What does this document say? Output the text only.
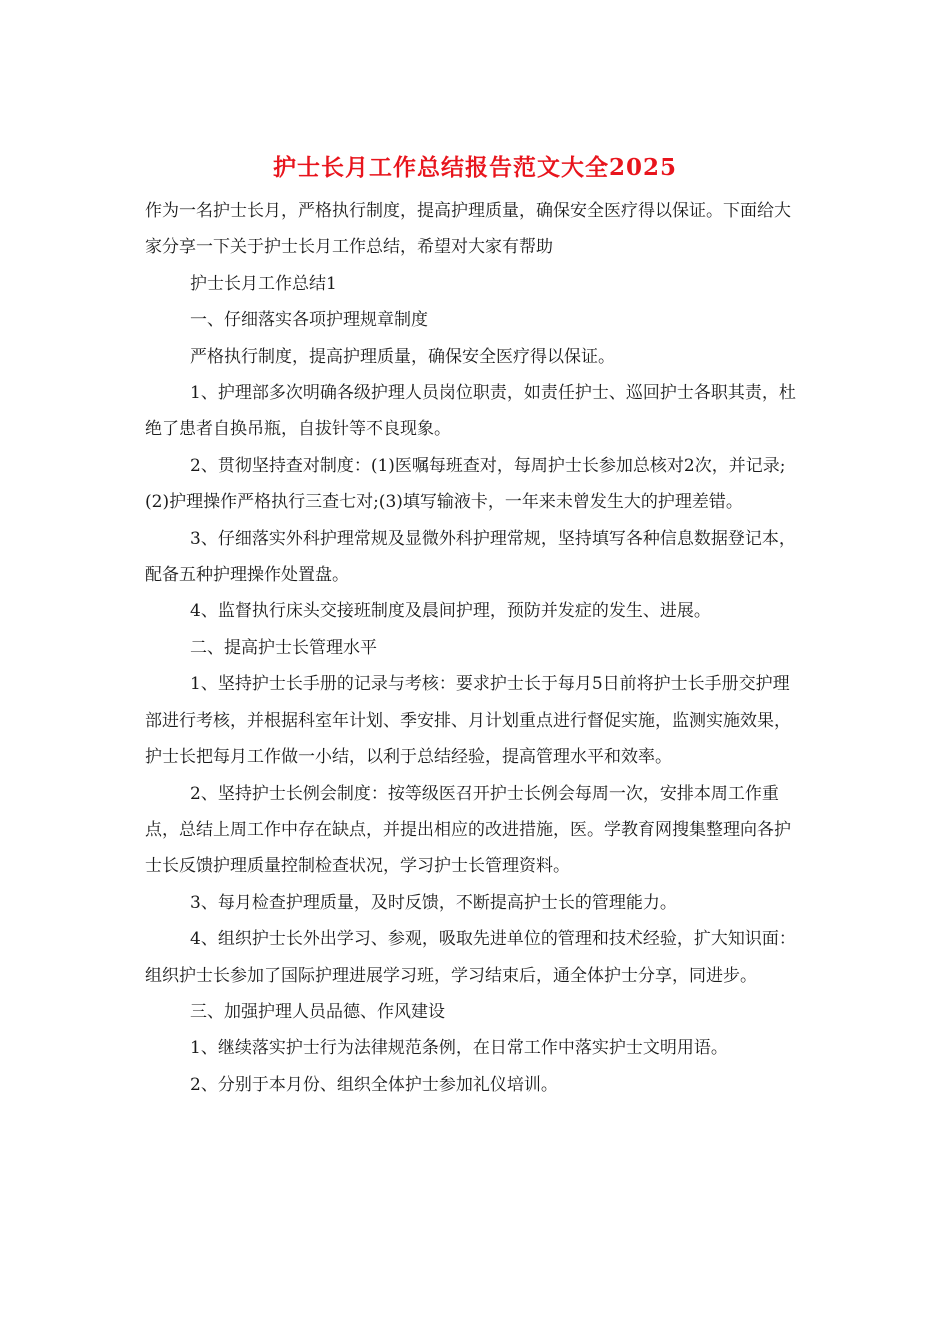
护士长月工作总结报告范文大全2025

作为一名护士长月，严格执行制度，提高护理质量，确保安全医疗得以保证。下面给大家分享一下关于护士长月工作总结，希望对大家有帮助

护士长月工作总结1

一、仔细落实各项护理规章制度

严格执行制度，提高护理质量，确保安全医疗得以保证。

1、护理部多次明确各级护理人员岗位职责，如责任护士、巡回护士各职其责，杜绝了患者自换吊瓶，自拔针等不良现象。

2、贯彻坚持查对制度：(1)医嘱每班查对，每周护士长参加总核对2次，并记录;(2)护理操作严格执行三查七对;(3)填写输液卡，一年来未曾发生大的护理差错。

3、仔细落实外科护理常规及显微外科护理常规，坚持填写各种信息数据登记本，配备五种护理操作处置盘。

4、监督执行床头交接班制度及晨间护理，预防并发症的发生、进展。

二、提高护士长管理水平

1、坚持护士长手册的记录与考核：要求护士长于每月5日前将护士长手册交护理部进行考核，并根据科室年计划、季安排、月计划重点进行督促实施，监测实施效果，护士长把每月工作做一小结，以利于总结经验，提高管理水平和效率。

2、坚持护士长例会制度：按等级医召开护士长例会每周一次，安排本周工作重点，总结上周工作中存在缺点，并提出相应的改进措施，医。学教育网搜集整理向各护士长反馈护理质量控制检查状况，学习护士长管理资料。

3、每月检查护理质量，及时反馈，不断提高护士长的管理能力。

4、组织护士长外出学习、参观，吸取先进单位的管理和技术经验，扩大知识面：组织护士长参加了国际护理进展学习班，学习结束后，通全体护士分享，同进步。

三、加强护理人员品德、作风建设

1、继续落实护士行为法律规范条例，在日常工作中落实护士文明用语。

2、分别于本月份、组织全体护士参加礼仪培训。
